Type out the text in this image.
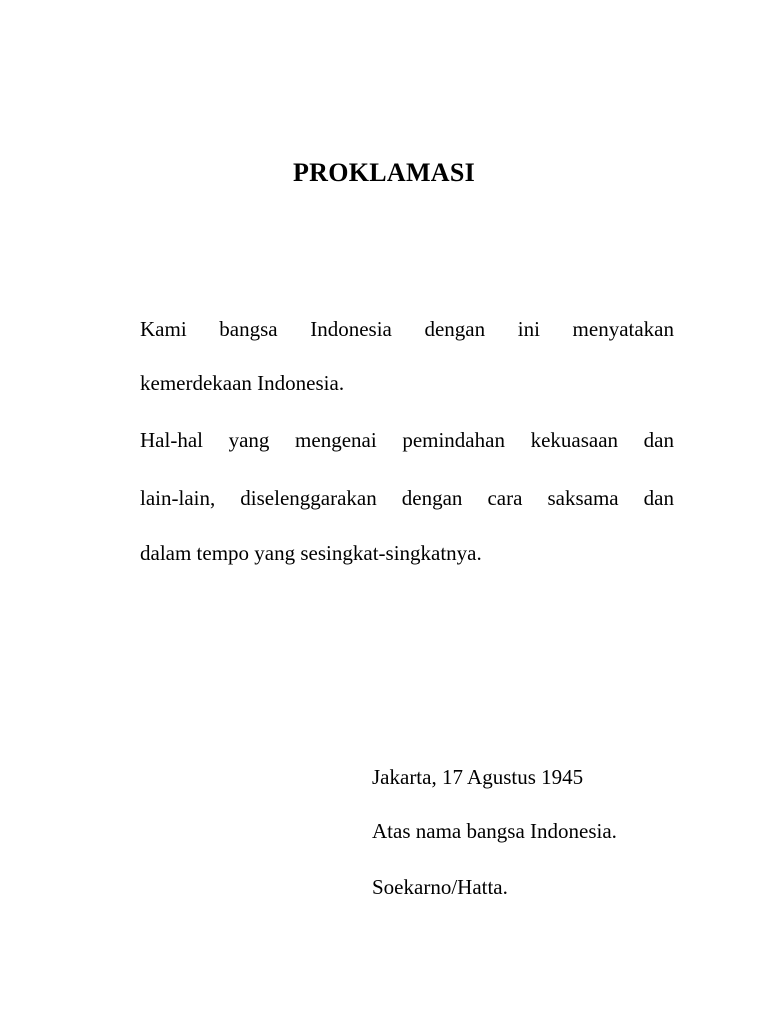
PROKLAMASI
Kami bangsa Indonesia dengan ini menyatakan
kemerdekaan Indonesia.
Hal-hal yang mengenai pemindahan kekuasaan dan
lain-lain, diselenggarakan dengan cara saksama dan
dalam tempo yang sesingkat-singkatnya.
Jakarta, 17 Agustus 1945
Atas nama bangsa Indonesia.
Soekarno/Hatta.
